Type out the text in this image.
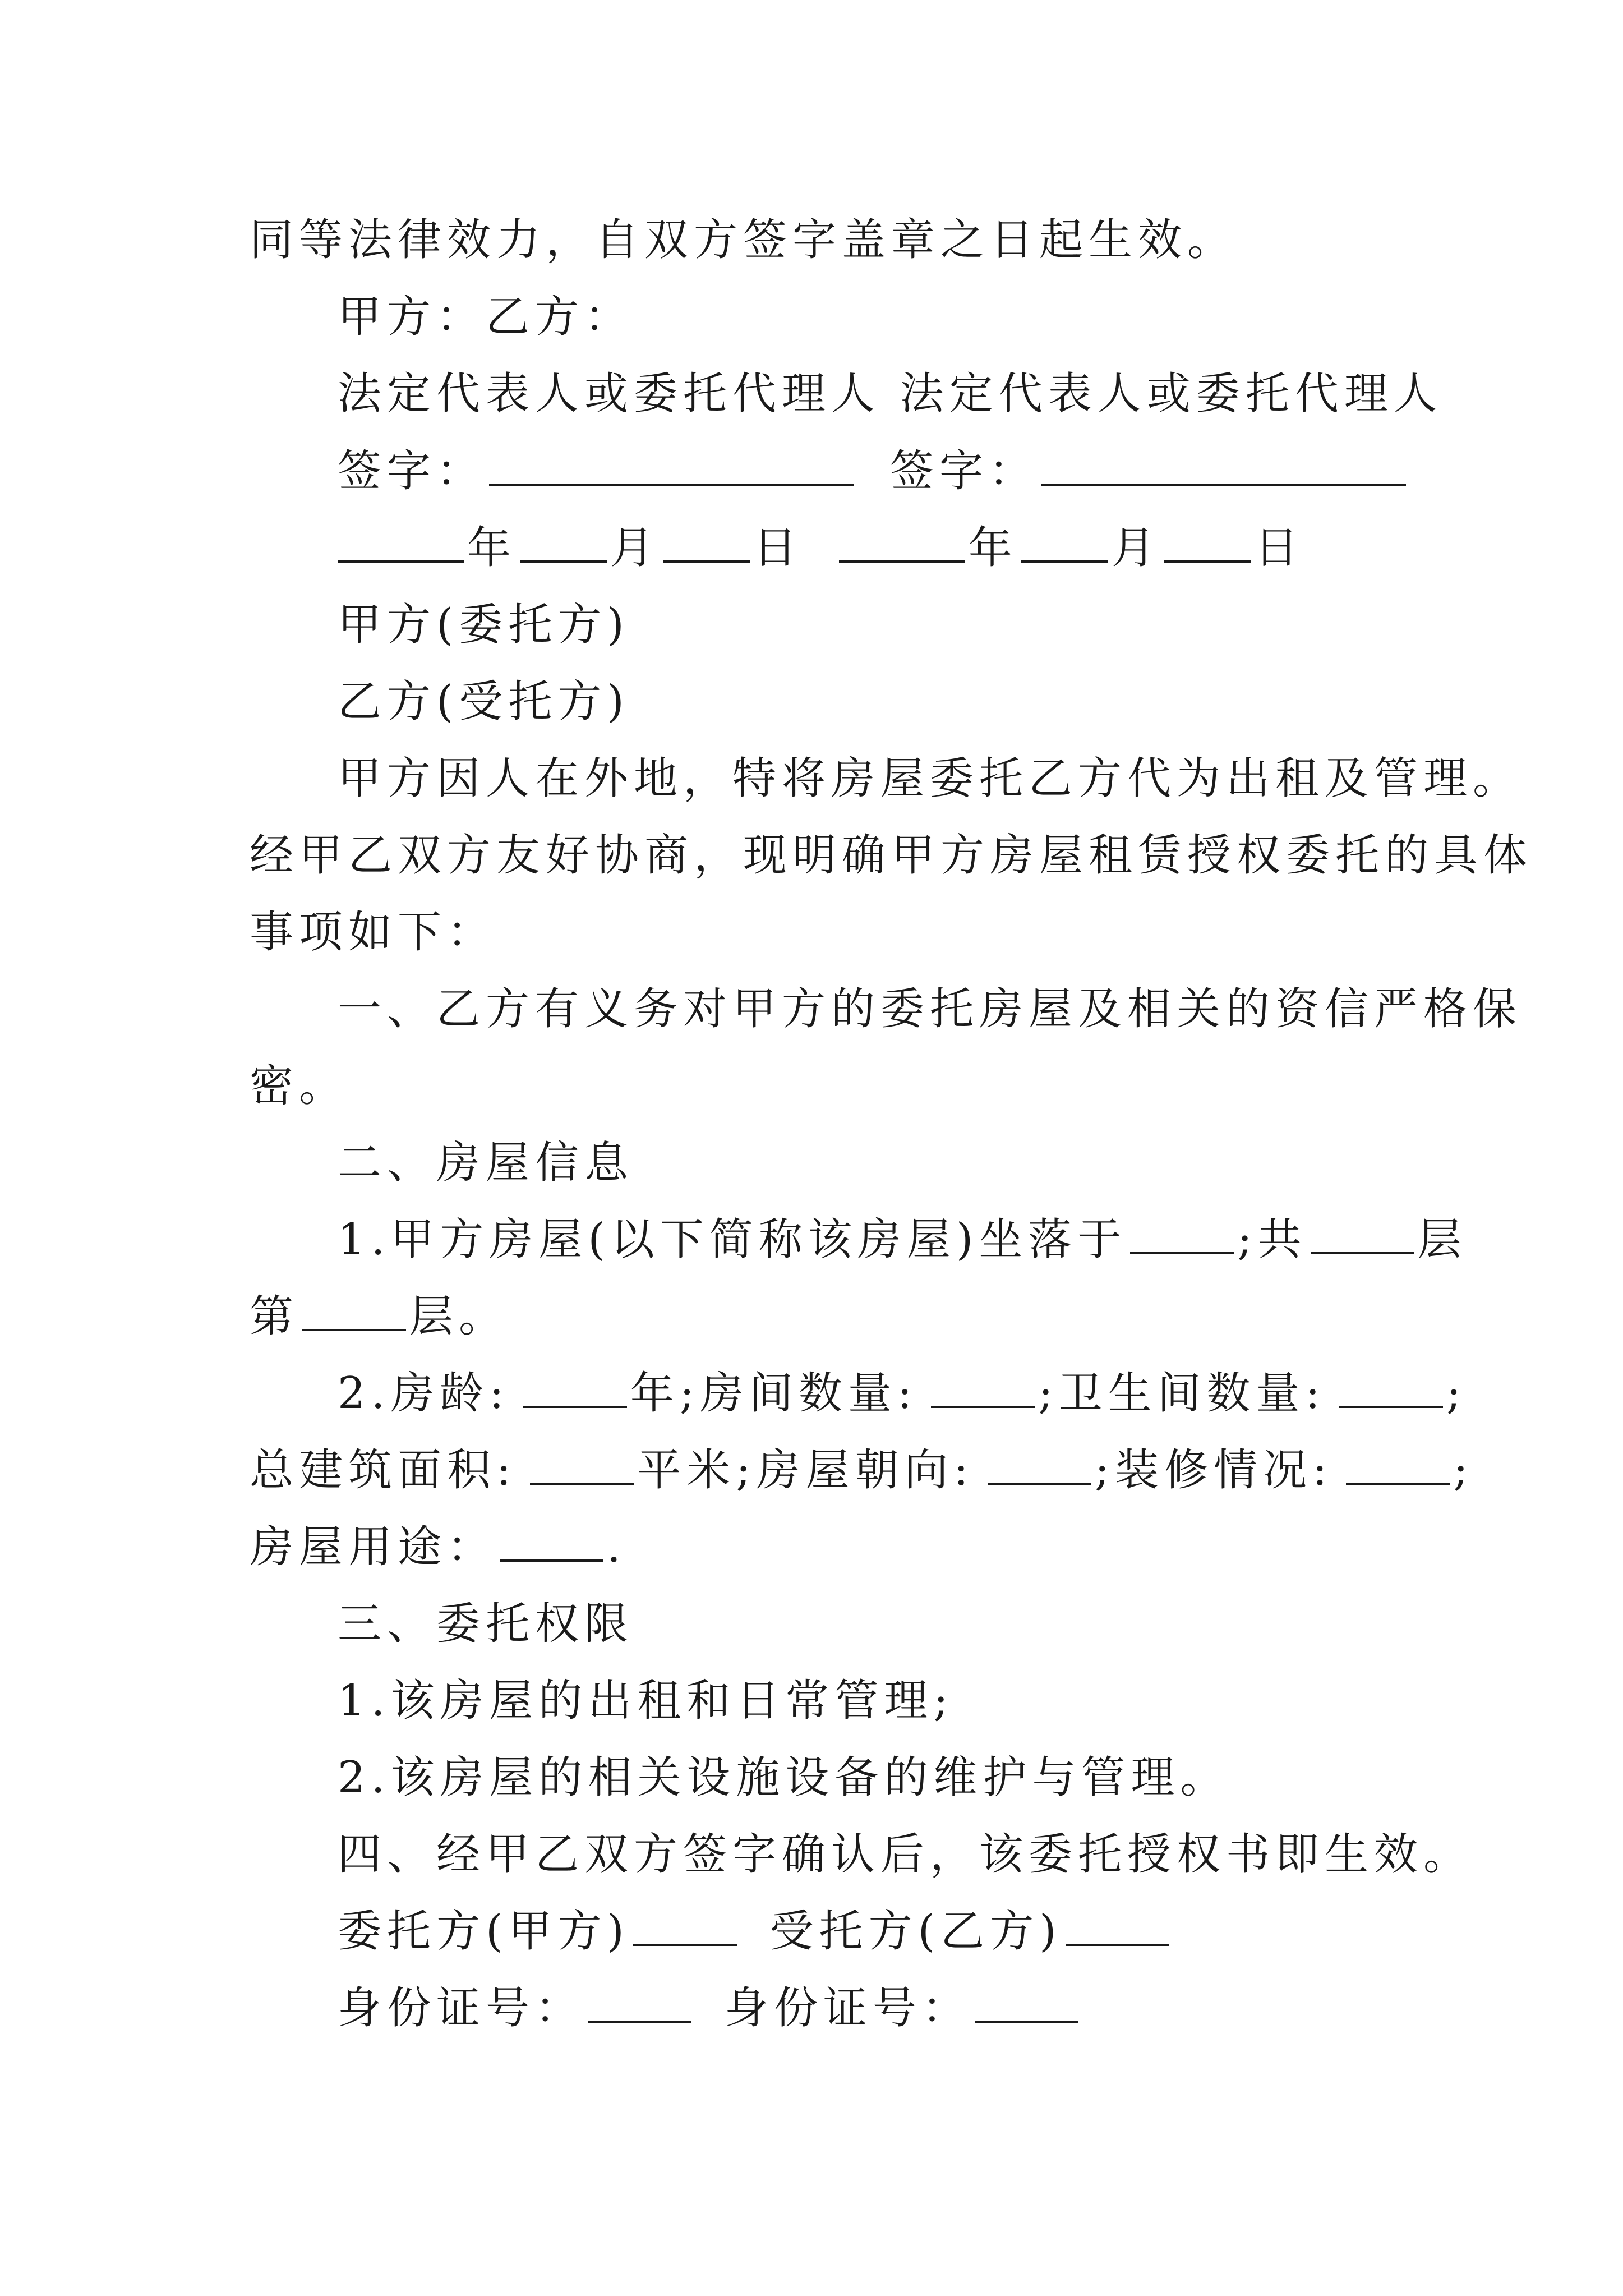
同等法律效力，自双方签字盖章之日起生效。
甲方：乙方：
法定代表人或委托代理人 法定代表人或委托代理人
签字：	签字：
年 月 日	年 月 日
甲方(委托方)
乙方(受托方)
甲方因人在外地，特将房屋委托乙方代为出租及管理。
经甲乙双方友好协商，现明确甲方房屋租赁授权委托的具体
事项如下：
一、乙方有义务对甲方的委托房屋及相关的资信严格保
密。
二、房屋信息
1.甲方房屋(以下简称该房屋)坐落于	;共	层
第	层。
2.房龄:	年;房间数量:	;卫生间数量:	;
总建筑面积:	平米;房屋朝向:	;装修情况:	;
房屋用途：	.
三、委托权限
1.该房屋的出租和日常管理;
2.该房屋的相关设施设备的维护与管理。
四、经甲乙双方签字确认后，该委托授权书即生效。
委托方(甲方)	受托方(乙方)
身份证号：	身份证号：
